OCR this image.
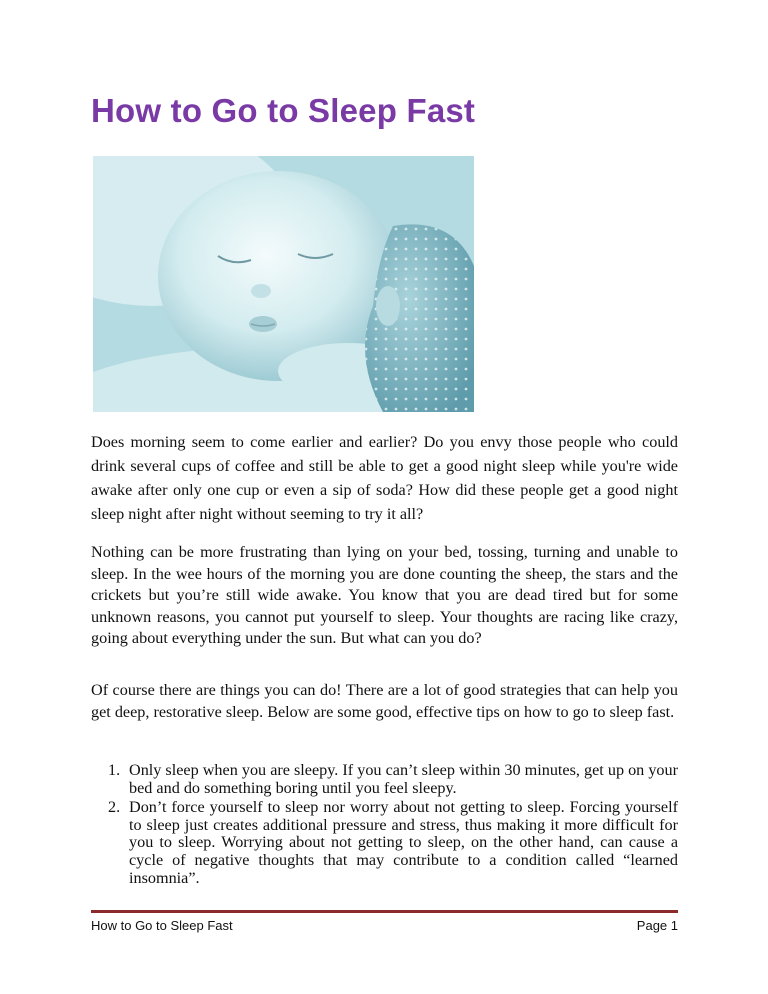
How to Go to Sleep Fast

Does morning seem to come earlier and earlier? Do you envy those people who could drink several cups of coffee and still be able to get a good night sleep while you're wide awake after only one cup or even a sip of soda? How did these people get a good night sleep night after night without seeming to try it all?

Nothing can be more frustrating than lying on your bed, tossing, turning and unable to sleep. In the wee hours of the morning you are done counting the sheep, the stars and the crickets but you’re still wide awake. You know that you are dead tired but for some unknown reasons, you cannot put yourself to sleep. Your thoughts are racing like crazy, going about everything under the sun. But what can you do?

Of course there are things you can do! There are a lot of good strategies that can help you get deep, restorative sleep. Below are some good, effective tips on how to go to sleep fast.

1. Only sleep when you are sleepy. If you can’t sleep within 30 minutes, get up on your bed and do something boring until you feel sleepy.
2. Don’t force yourself to sleep nor worry about not getting to sleep. Forcing yourself to sleep just creates additional pressure and stress, thus making it more difficult for you to sleep. Worrying about not getting to sleep, on the other hand, can cause a cycle of negative thoughts that may contribute to a condition called “learned insomnia”.
How to Go to Sleep Fast	Page 1
